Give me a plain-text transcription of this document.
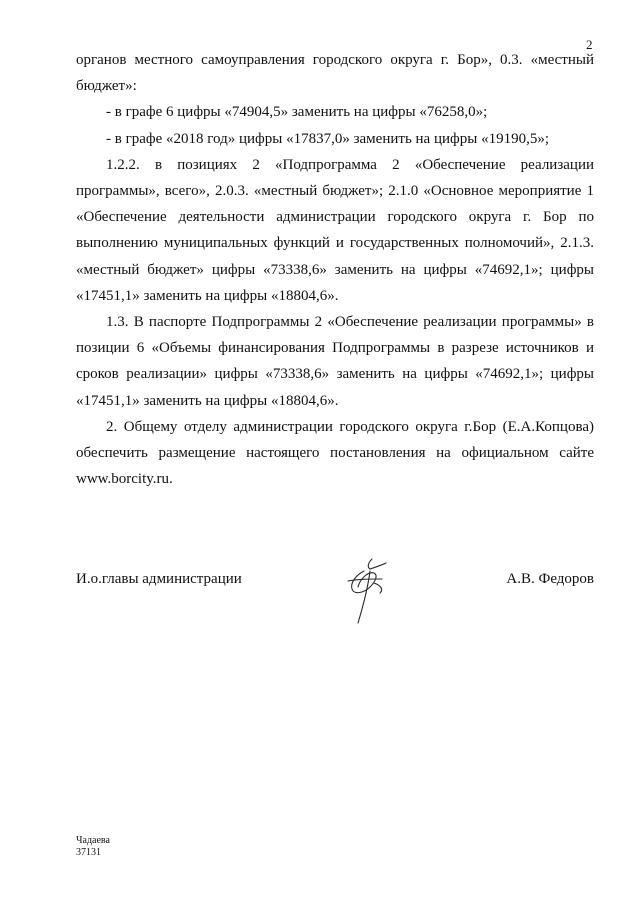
2

органов местного самоуправления городского округа г. Бор», 0.3. «местный бюджет»:

- в графе 6 цифры «74904,5» заменить на цифры «76258,0»;

- в графе «2018 год» цифры «17837,0» заменить на цифры «19190,5»;

1.2.2. в позициях 2 «Подпрограмма 2 «Обеспечение реализации программы», всего», 2.0.3. «местный бюджет»; 2.1.0 «Основное мероприятие 1 «Обеспечение деятельности администрации городского округа г. Бор по выполнению муниципальных функций и государственных полномочий», 2.1.3. «местный бюджет» цифры «73338,6» заменить на цифры «74692,1»; цифры «17451,1» заменить на цифры «18804,6».

1.3. В паспорте Подпрограммы 2 «Обеспечение реализации программы» в позиции 6 «Объемы финансирования Подпрограммы в разрезе источников и сроков реализации» цифры «73338,6» заменить на цифры «74692,1»; цифры «17451,1» заменить на цифры «18804,6».

2. Общему отделу администрации городского округа г.Бор (Е.А.Копцова) обеспечить размещение настоящего постановления на официальном сайте www.borcity.ru.

И.о.главы администрации	А.В. Федоров
Чадаева
37131
